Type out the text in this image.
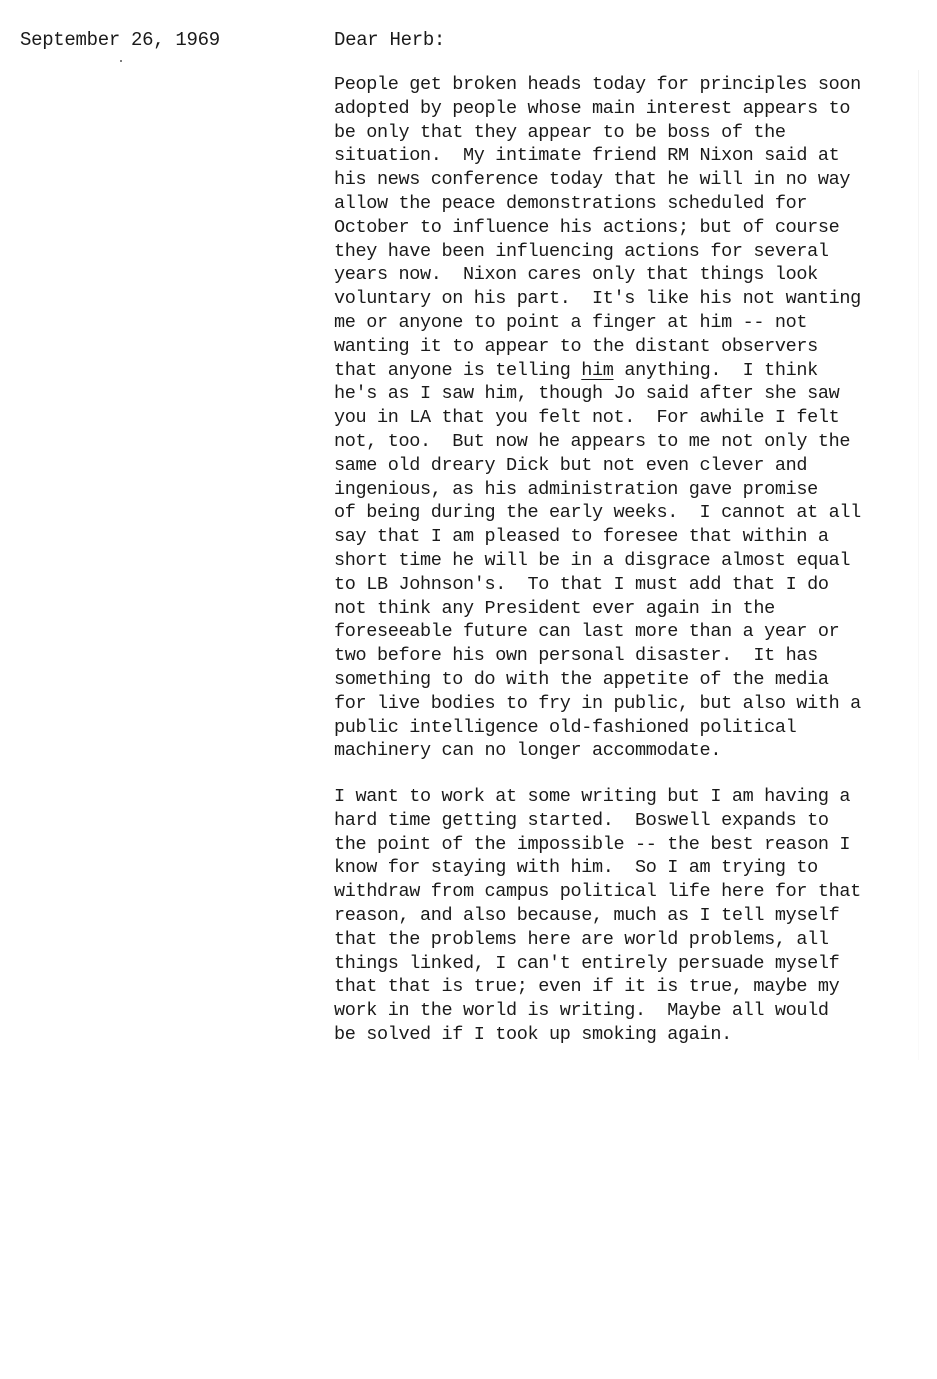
September 26, 1969	Dear Herb:
People get broken heads today for principles soon
adopted by people whose main interest appears to
be only that they appear to be boss of the
situation.  My intimate friend RM Nixon said at
his news conference today that he will in no way
allow the peace demonstrations scheduled for
October to influence his actions; but of course
they have been influencing actions for several
years now.  Nixon cares only that things look
voluntary on his part.  It's like his not wanting
me or anyone to point a finger at him -- not
wanting it to appear to the distant observers
that anyone is telling him anything.  I think
he's as I saw him, though Jo said after she saw
you in LA that you felt not.  For awhile I felt
not, too.  But now he appears to me not only the
same old dreary Dick but not even clever and
ingenious, as his administration gave promise
of being during the early weeks.  I cannot at all
say that I am pleased to foresee that within a
short time he will be in a disgrace almost equal
to LB Johnson's.  To that I must add that I do
not think any President ever again in the
foreseeable future can last more than a year or
two before his own personal disaster.  It has
something to do with the appetite of the media
for live bodies to fry in public, but also with a
public intelligence old-fashioned political
machinery can no longer accommodate.
I want to work at some writing but I am having a
hard time getting started.  Boswell expands to
the point of the impossible -- the best reason I
know for staying with him.  So I am trying to
withdraw from campus political life here for that
reason, and also because, much as I tell myself
that the problems here are world problems, all
things linked, I can't entirely persuade myself
that that is true; even if it is true, maybe my
work in the world is writing.  Maybe all would
be solved if I took up smoking again.
